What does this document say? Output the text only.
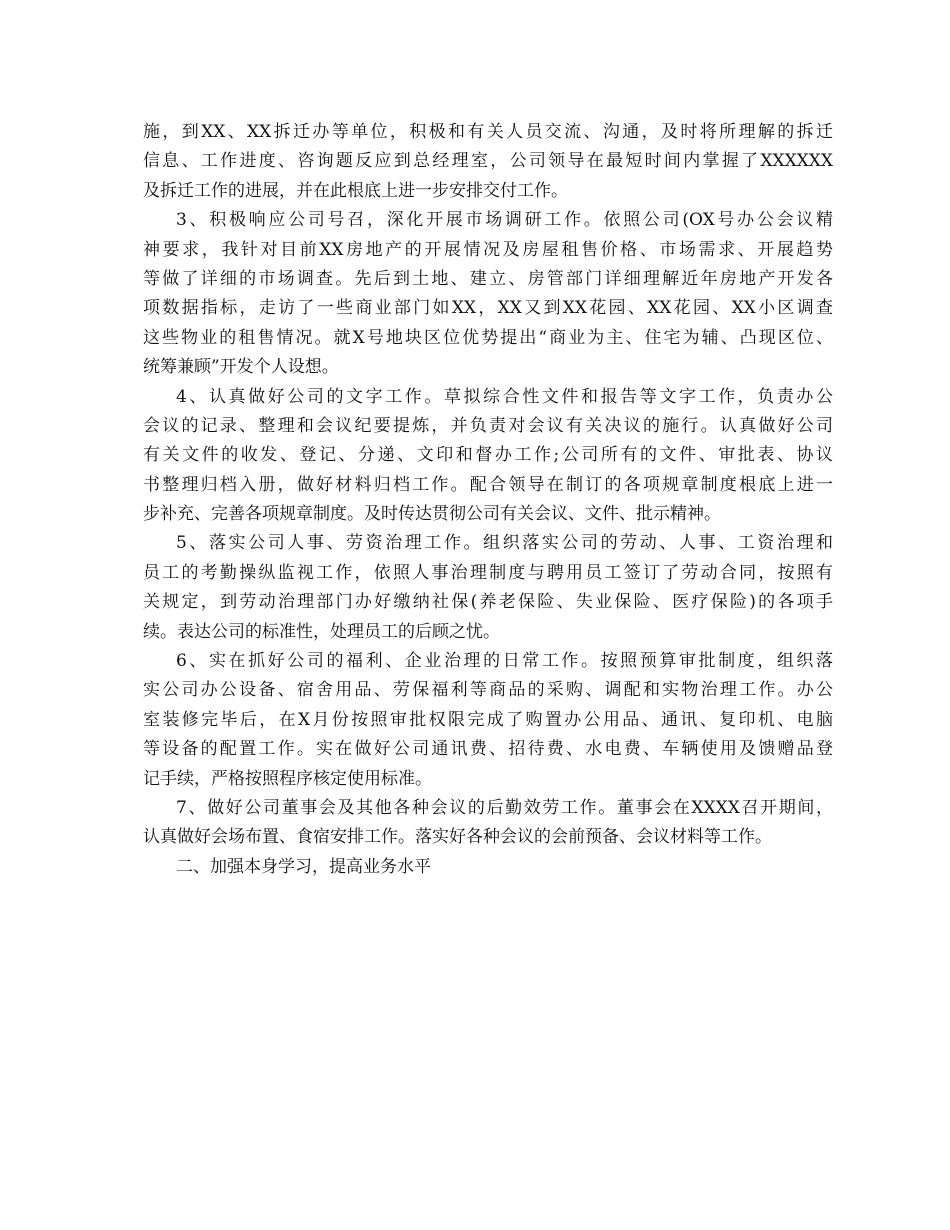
施，到XX、XX拆迁办等单位，积极和有关人员交流、沟通，及时将所理解的拆迁
信息、工作进度、咨询题反应到总经理室，公司领导在最短时间内掌握了XXXXXX
及拆迁工作的进展，并在此根底上进一步安排交付工作。
3、积极响应公司号召，深化开展市场调研工作。依照公司(OX号办公会议精
神要求，我针对目前XX房地产的开展情况及房屋租售价格、市场需求、开展趋势
等做了详细的市场调查。先后到土地、建立、房管部门详细理解近年房地产开发各
项数据指标，走访了一些商业部门如XX，XX又到XX花园、XX花园、XX小区调查
这些物业的租售情况。就X号地块区位优势提出“商业为主、住宅为辅、凸现区位、
统筹兼顾”开发个人设想。
4、认真做好公司的文字工作。草拟综合性文件和报告等文字工作，负责办公
会议的记录、整理和会议纪要提炼，并负责对会议有关决议的施行。认真做好公司
有关文件的收发、登记、分递、文印和督办工作;公司所有的文件、审批表、协议
书整理归档入册，做好材料归档工作。配合领导在制订的各项规章制度根底上进一
步补充、完善各项规章制度。及时传达贯彻公司有关会议、文件、批示精神。
5、落实公司人事、劳资治理工作。组织落实公司的劳动、人事、工资治理和
员工的考勤操纵监视工作，依照人事治理制度与聘用员工签订了劳动合同，按照有
关规定，到劳动治理部门办好缴纳社保(养老保险、失业保险、医疗保险)的各项手
续。表达公司的标准性，处理员工的后顾之忧。
6、实在抓好公司的福利、企业治理的日常工作。按照预算审批制度，组织落
实公司办公设备、宿舍用品、劳保福利等商品的采购、调配和实物治理工作。办公
室装修完毕后，在X月份按照审批权限完成了购置办公用品、通讯、复印机、电脑
等设备的配置工作。实在做好公司通讯费、招待费、水电费、车辆使用及馈赠品登
记手续，严格按照程序核定使用标准。
7、做好公司董事会及其他各种会议的后勤效劳工作。董事会在XXXX召开期间，
认真做好会场布置、食宿安排工作。落实好各种会议的会前预备、会议材料等工作。
二、加强本身学习，提高业务水平
